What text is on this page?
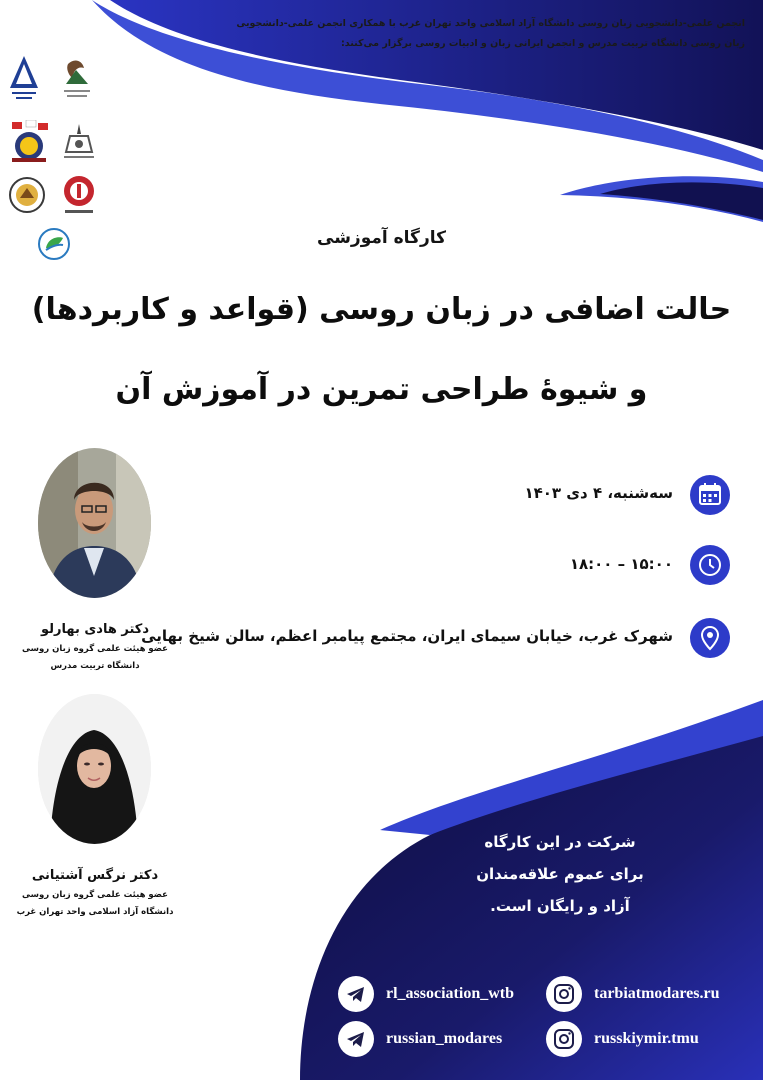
انجمن علمی-دانشجویی زبان روسی دانشگاه آزاد اسلامی واحد تهران غرب با همکاری انجمن علمی-دانشجویی
زبان روسی دانشگاه تربیت مدرس و انجمن ایرانی زبان و ادبیات روسی برگزار می‌کنند:
کارگاه آموزشی
حالت اضافی در زبان روسی (قواعد و کاربردها)
و شیوهٔ طراحی تمرین در آموزش آن
دکتر هادی بهارلو
عضو هیئت علمی گروه زبان روسی
دانشگاه تربیت مدرس
دکتر نرگس آشتیانی
عضو هیئت علمی گروه زبان روسی
دانشگاه آزاد اسلامی واحد تهران غرب
سه‌شنبه، ۴ دی ۱۴۰۳
۱۸:۰۰ – ۱۵:۰۰
شهرک غرب، خیابان سیمای ایران، مجتمع پیامبر اعظم، سالن شیخ بهایی
شرکت در این کارگاه
برای عموم علاقه‌مندان
آزاد و رایگان است.
rl_association_wtb	tarbiatmodares.ru
russian_modares	russkiymir.tmu
